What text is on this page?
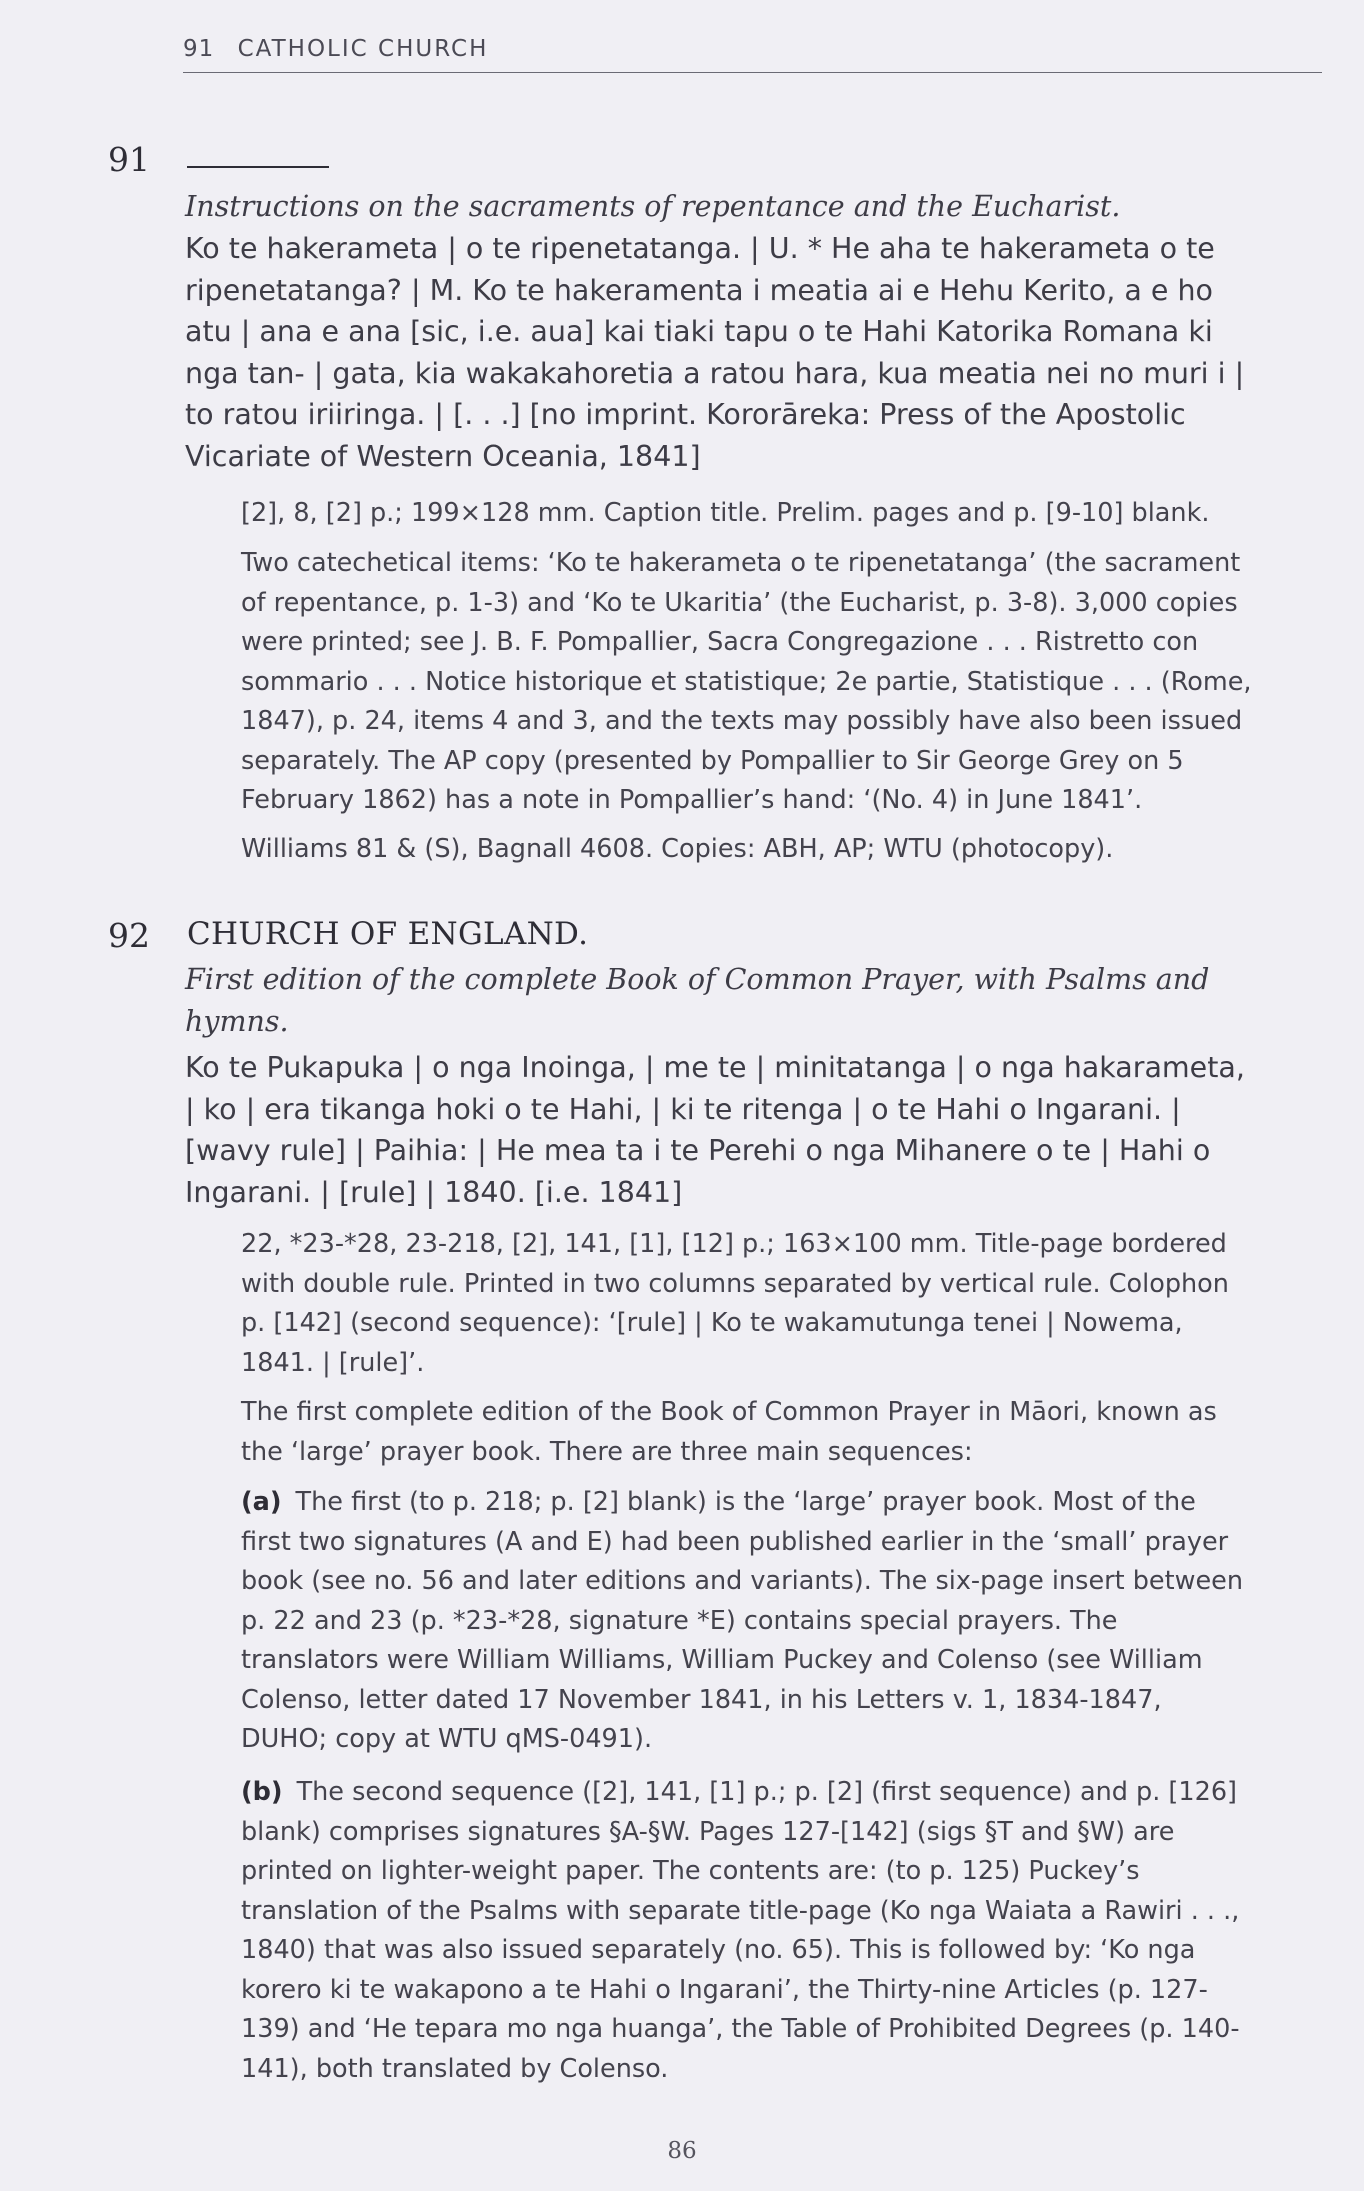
91 CATHOLIC CHURCH
91
Instructions on the sacraments of repentance and the Eucharist.
Ko te hakerameta | o te ripenetatanga. | U. * He aha te hakerameta o te
ripenetatanga? | M. Ko te hakeramenta i meatia ai e Hehu Kerito, a e ho
atu | ana e ana [sic, i.e. aua] kai tiaki tapu o te Hahi Katorika Romana ki
nga tan- | gata, kia wakakahoretia a ratou hara, kua meatia nei no muri i |
to ratou iriiringa. | [. . .] [no imprint. Kororāreka: Press of the Apostolic
Vicariate of Western Oceania, 1841]
[2], 8, [2] p.; 199×128 mm. Caption title. Prelim. pages and p. [9-10] blank.
Two catechetical items: ‘Ko te hakerameta o te ripenetatanga’ (the sacrament
of repentance, p. 1-3) and ‘Ko te Ukaritia’ (the Eucharist, p. 3-8). 3,000 copies
were printed; see J. B. F. Pompallier, Sacra Congregazione . . . Ristretto con
sommario . . . Notice historique et statistique; 2e partie, Statistique . . . (Rome,
1847), p. 24, items 4 and 3, and the texts may possibly have also been issued
separately. The AP copy (presented by Pompallier to Sir George Grey on 5
February 1862) has a note in Pompallier’s hand: ‘(No. 4) in June 1841’.
Williams 81 & (S), Bagnall 4608. Copies: ABH, AP; WTU (photocopy).
92 CHURCH OF ENGLAND.
First edition of the complete Book of Common Prayer, with Psalms and
hymns.
Ko te Pukapuka | o nga Inoinga, | me te | minitatanga | o nga hakarameta,
| ko | era tikanga hoki o te Hahi, | ki te ritenga | o te Hahi o Ingarani. |
[wavy rule] | Paihia: | He mea ta i te Perehi o nga Mihanere o te | Hahi o
Ingarani. | [rule] | 1840. [i.e. 1841]
22, *23-*28, 23-218, [2], 141, [1], [12] p.; 163×100 mm. Title-page bordered
with double rule. Printed in two columns separated by vertical rule. Colophon
p. [142] (second sequence): ‘[rule] | Ko te wakamutunga tenei | Nowema,
1841. | [rule]’.
The first complete edition of the Book of Common Prayer in Māori, known as
the ‘large’ prayer book. There are three main sequences:
(a) The first (to p. 218; p. [2] blank) is the ‘large’ prayer book. Most of the
first two signatures (A and E) had been published earlier in the ‘small’ prayer
book (see no. 56 and later editions and variants). The six-page insert between
p. 22 and 23 (p. *23-*28, signature *E) contains special prayers. The
translators were William Williams, William Puckey and Colenso (see William
Colenso, letter dated 17 November 1841, in his Letters v. 1, 1834-1847,
DUHO; copy at WTU qMS-0491).
(b) The second sequence ([2], 141, [1] p.; p. [2] (first sequence) and p. [126]
blank) comprises signatures §A-§W. Pages 127-[142] (sigs §T and §W) are
printed on lighter-weight paper. The contents are: (to p. 125) Puckey’s
translation of the Psalms with separate title-page (Ko nga Waiata a Rawiri . . .,
1840) that was also issued separately (no. 65). This is followed by: ‘Ko nga
korero ki te wakapono a te Hahi o Ingarani’, the Thirty-nine Articles (p. 127-
139) and ‘He tepara mo nga huanga’, the Table of Prohibited Degrees (p. 140-
141), both translated by Colenso.
86
